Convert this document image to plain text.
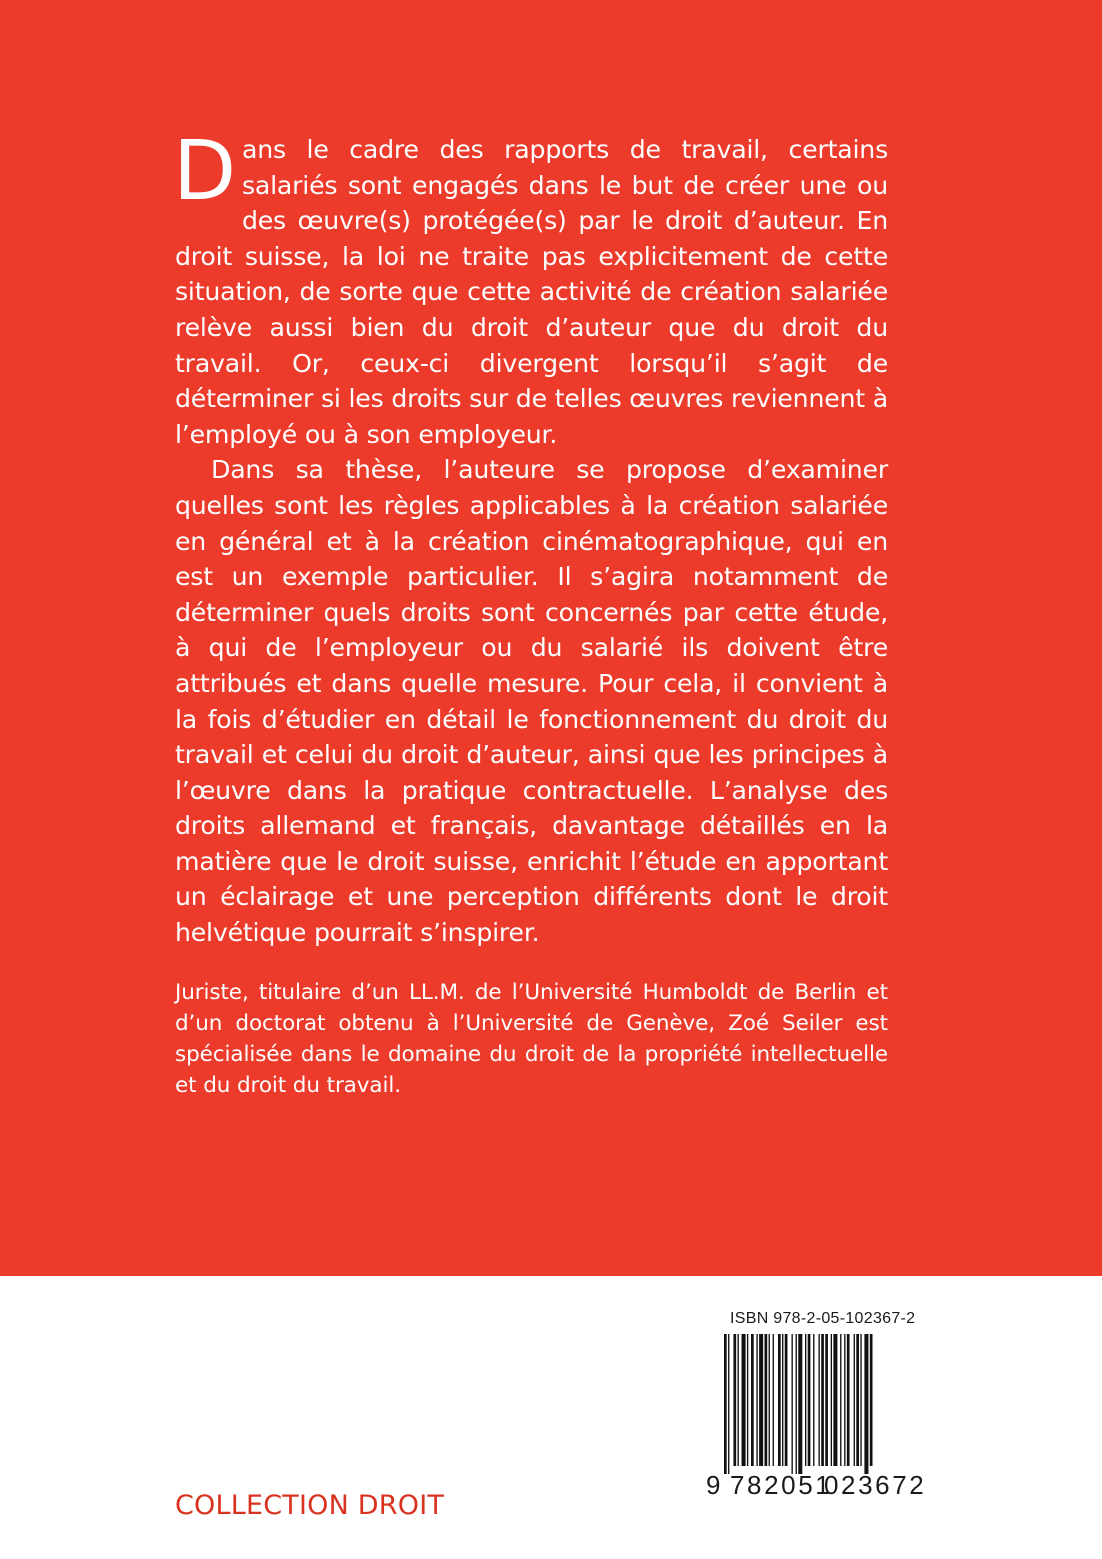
Dans le cadre des rapports de travail, certains salariés sont engagés dans le but de créer une ou des œuvre(s) protégée(s) par le droit d’auteur. En droit suisse, la loi ne traite pas explicitement de cette situation, de sorte que cette activité de création salariée relève aussi bien du droit d’auteur que du droit du travail. Or, ceux-ci divergent lorsqu’il s’agit de déterminer si les droits sur de telles œuvres reviennent à l’employé ou à son employeur.

Dans sa thèse, l’auteure se propose d’examiner quelles sont les règles applicables à la création salariée en général et à la création cinématographique, qui en est un exemple particulier. Il s’agira notamment de déterminer quels droits sont concernés par cette étude, à qui de l’employeur ou du salarié ils doivent être attribués et dans quelle mesure. Pour cela, il convient à la fois d’étudier en détail le fonctionnement du droit du travail et celui du droit d’auteur, ainsi que les principes à l’œuvre dans la pratique contractuelle. L’analyse des droits allemand et français, davantage détaillés en la matière que le droit suisse, enrichit l’étude en apportant un éclairage et une perception différents dont le droit helvétique pourrait s’inspirer.

Juriste, titulaire d’un LL.M. de l’Université Humboldt de Berlin et d’un doctorat obtenu à l’Université de Genève, Zoé Seiler est spécialisée dans le domaine du droit de la propriété intellectuelle et du droit du travail.

COLLECTION DROIT
ISBN 978-2-05-102367-2
9 782051
023672
